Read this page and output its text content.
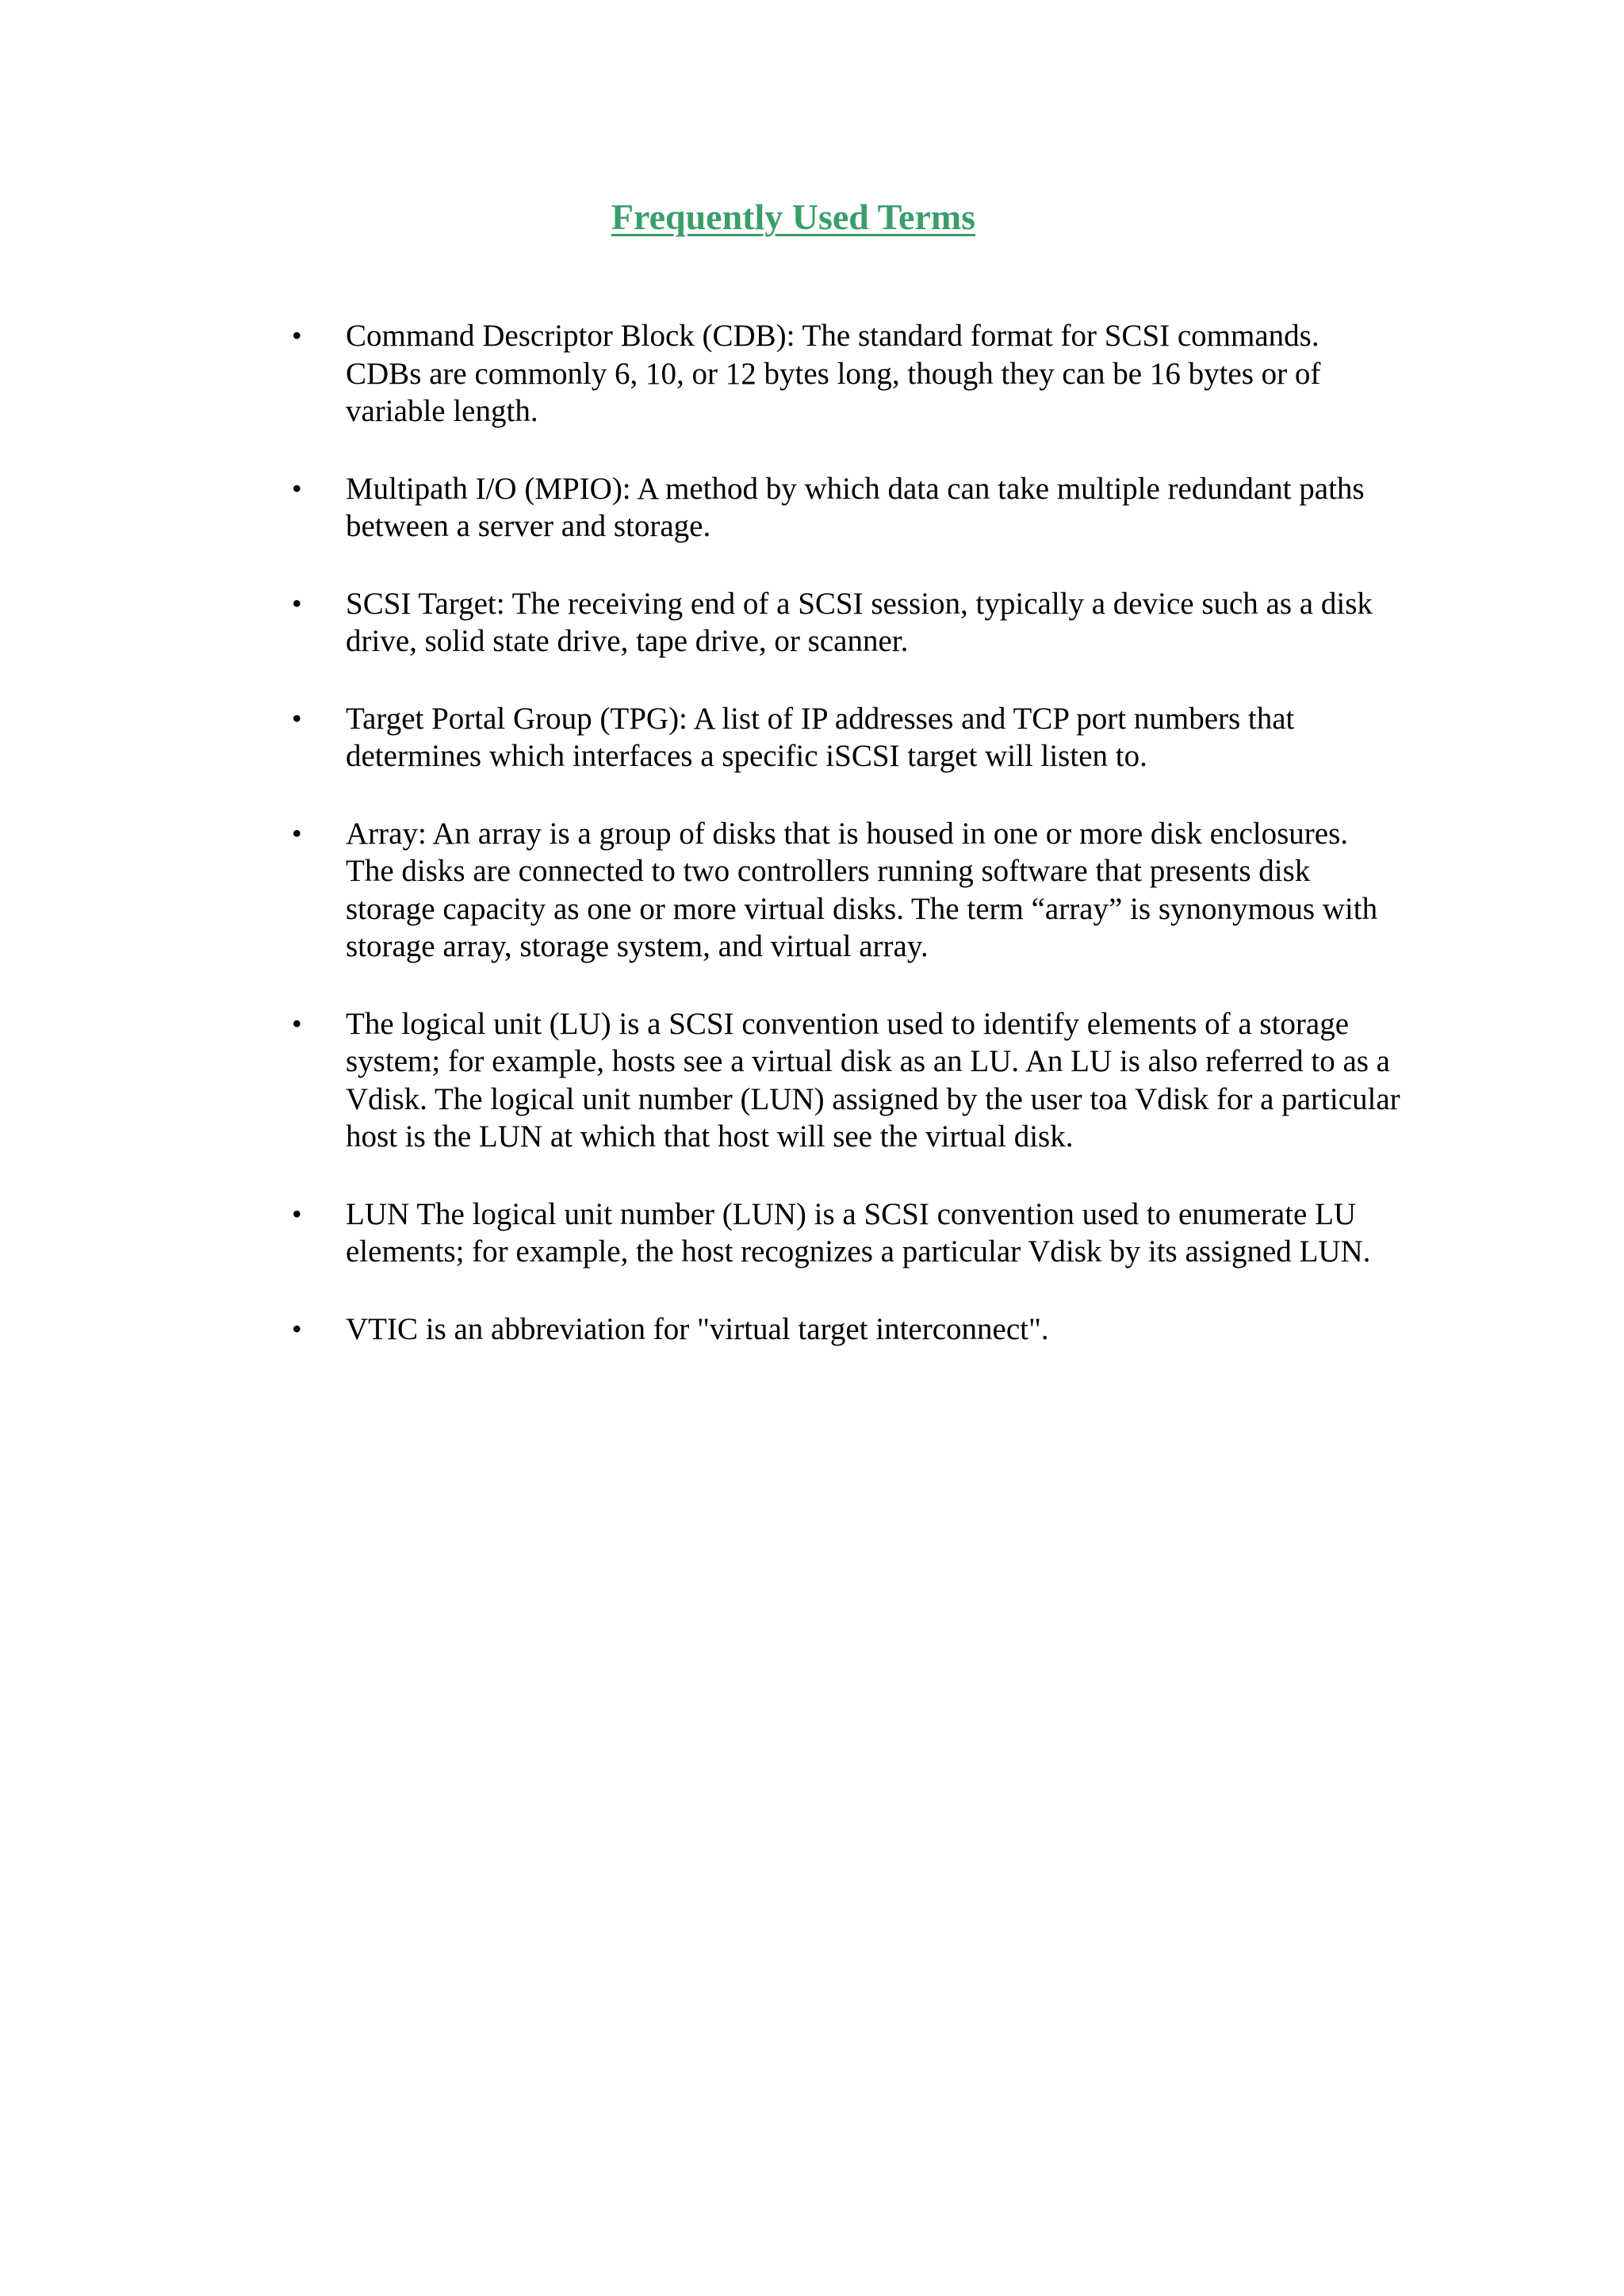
Frequently Used Terms
•	Command Descriptor Block (CDB): The standard format for SCSI commands. CDBs are commonly 6, 10, or 12 bytes long, though they can be 16 bytes or of variable length.
•	Multipath I/O (MPIO): A method by which data can take multiple redundant paths between a server and storage.
•	SCSI Target: The receiving end of a SCSI session, typically a device such as a disk drive, solid state drive, tape drive, or scanner.
•	Target Portal Group (TPG): A list of IP addresses and TCP port numbers that determines which interfaces a specific iSCSI target will listen to.
•	Array: An array is a group of disks that is housed in one or more disk enclosures. The disks are connected to two controllers running software that presents disk storage capacity as one or more virtual disks. The term “array” is synonymous with storage array, storage system, and virtual array.
•	The logical unit (LU) is a SCSI convention used to identify elements of a storage system; for example, hosts see a virtual disk as an LU. An LU is also referred to as a Vdisk. The logical unit number (LUN) assigned by the user toa Vdisk for a particular host is the LUN at which that host will see the virtual disk.
•	LUN The logical unit number (LUN) is a SCSI convention used to enumerate LU elements; for example, the host recognizes a particular Vdisk by its assigned LUN.
•	VTIC is an abbreviation for "virtual target interconnect".
